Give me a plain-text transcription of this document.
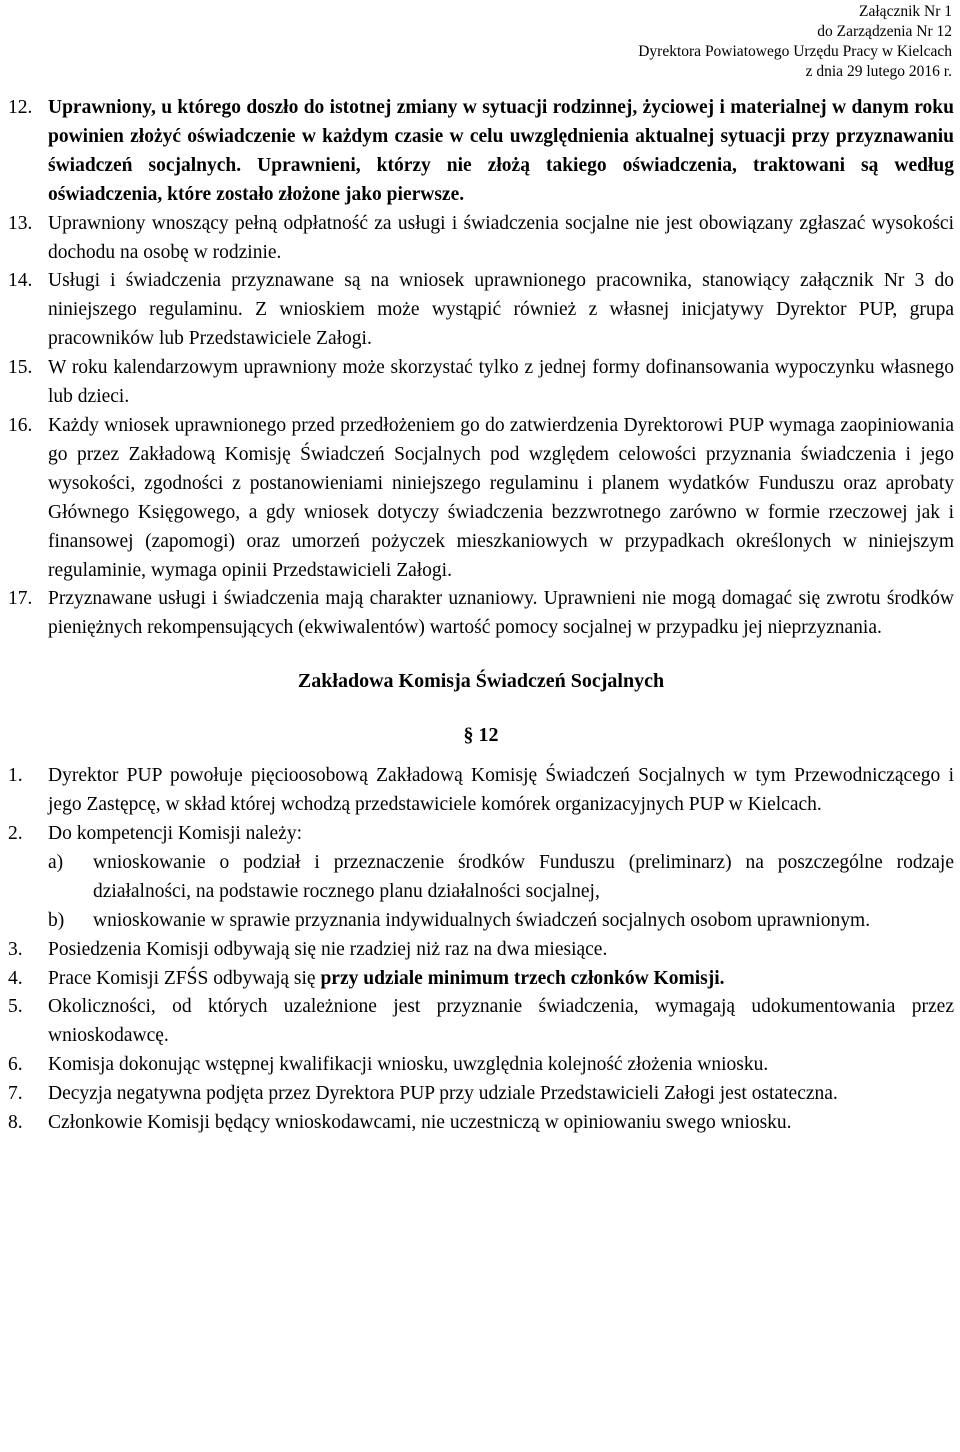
Załącznik Nr 1
do Zarządzenia Nr 12
Dyrektora Powiatowego Urzędu Pracy w Kielcach
z dnia 29 lutego 2016 r.
12. Uprawniony, u którego doszło do istotnej zmiany w sytuacji rodzinnej, życiowej i materialnej w danym roku powinien złożyć oświadczenie w każdym czasie w celu uwzględnienia aktualnej sytuacji przy przyznawaniu świadczeń socjalnych. Uprawnieni, którzy nie złożą takiego oświadczenia, traktowani są według oświadczenia, które zostało złożone jako pierwsze.
13. Uprawniony wnoszący pełną odpłatność za usługi i świadczenia socjalne nie jest obowiązany zgłaszać wysokości dochodu na osobę w rodzinie.
14. Usługi i świadczenia przyznawane są na wniosek uprawnionego pracownika, stanowiący załącznik Nr 3 do niniejszego regulaminu. Z wnioskiem może wystąpić również z własnej inicjatywy Dyrektor PUP, grupa pracowników lub Przedstawiciele Załogi.
15. W roku kalendarzowym uprawniony może skorzystać tylko z jednej formy dofinansowania wypoczynku własnego lub dzieci.
16. Każdy wniosek uprawnionego przed przedłożeniem go do zatwierdzenia Dyrektorowi PUP wymaga zaopiniowania go przez Zakładową Komisję Świadczeń Socjalnych pod względem celowości przyznania świadczenia i jego wysokości, zgodności z postanowieniami niniejszego regulaminu i planem wydatków Funduszu oraz aprobaty Głównego Księgowego, a gdy wniosek dotyczy świadczenia bezzwrotnego zarówno w formie rzeczowej jak i finansowej (zapomogi) oraz umorzeń pożyczek mieszkaniowych w przypadkach określonych w niniejszym regulaminie, wymaga opinii Przedstawicieli Załogi.
17. Przyznawane usługi i świadczenia mają charakter uznaniowy. Uprawnieni nie mogą domagać się zwrotu środków pieniężnych rekompensujących (ekwiwalentów) wartość pomocy socjalnej w przypadku jej nieprzyznania.
Zakładowa Komisja Świadczeń Socjalnych
§ 12
1.	Dyrektor PUP powołuje pięcioosobową Zakładową Komisję Świadczeń Socjalnych w tym Przewodniczącego i jego Zastępcę, w skład której wchodzą przedstawiciele komórek organizacyjnych PUP w Kielcach.
2.	Do kompetencji Komisji należy:
a)	wnioskowanie o podział i przeznaczenie środków Funduszu (preliminarz) na poszczególne rodzaje działalności, na podstawie rocznego planu działalności socjalnej,
b)	wnioskowanie w sprawie przyznania indywidualnych świadczeń socjalnych osobom uprawnionym.
3.	Posiedzenia Komisji odbywają się nie rzadziej niż raz na dwa miesiące.
4.	Prace Komisji ZFŚS odbywają się przy udziale minimum trzech członków Komisji.
5.	Okoliczności, od których uzależnione jest przyznanie świadczenia, wymagają udokumentowania przez wnioskodawcę.
6.	Komisja dokonując wstępnej kwalifikacji wniosku, uwzględnia kolejność złożenia wniosku.
7.	Decyzja negatywna podjęta przez Dyrektora PUP przy udziale Przedstawicieli Załogi jest ostateczna.
8.	Członkowie Komisji będący wnioskodawcami, nie uczestniczą w opiniowaniu swego wniosku.
